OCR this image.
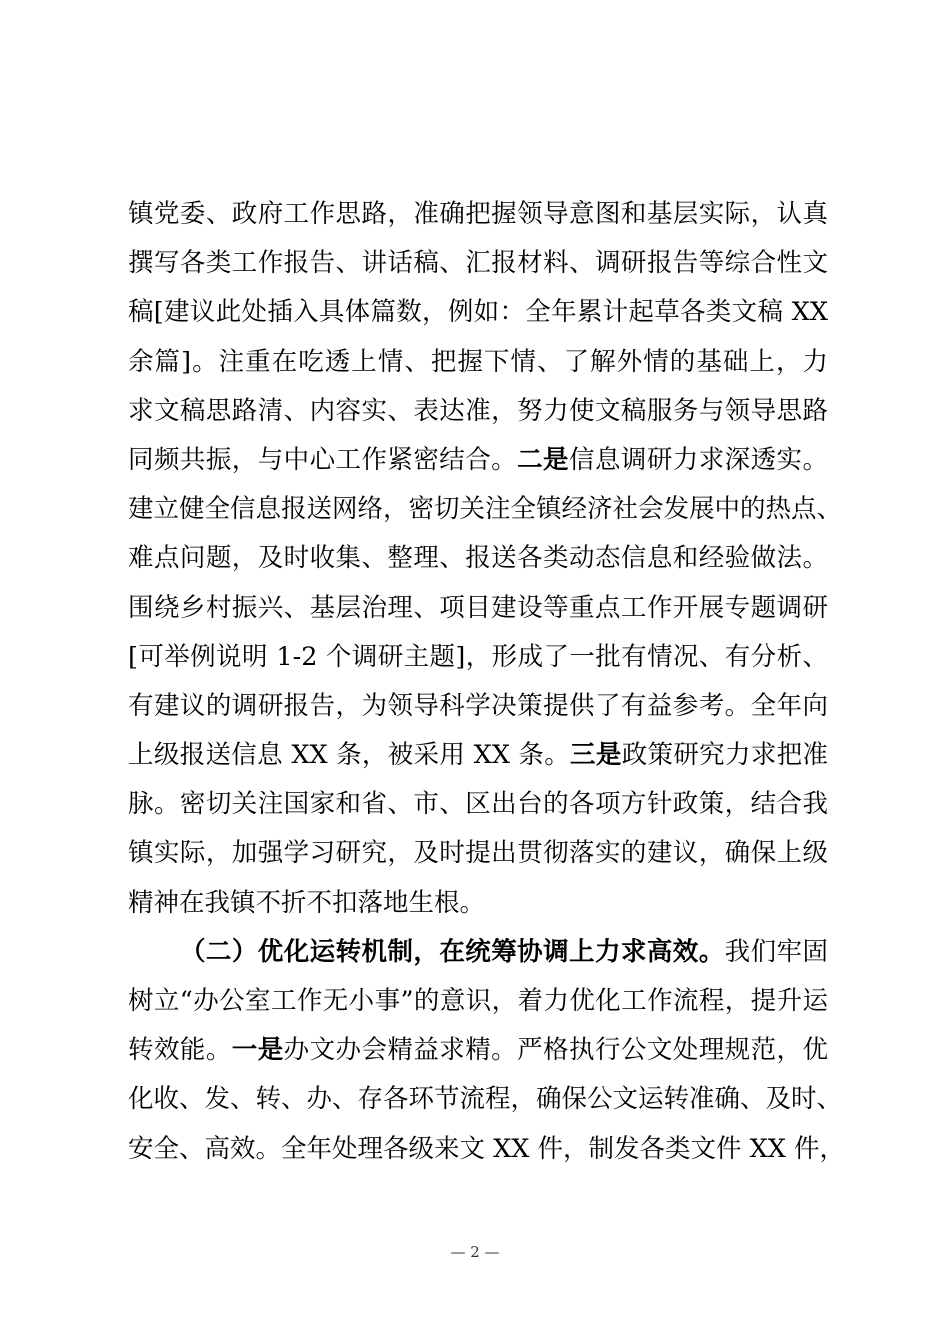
镇党委、政府工作思路，准确把握领导意图和基层实际，认真
撰写各类工作报告、讲话稿、汇报材料、调研报告等综合性文
稿[建议此处插入具体篇数，例如：全年累计起草各类文稿 XX
余篇]。注重在吃透上情、把握下情、了解外情的基础上，力
求文稿思路清、内容实、表达准，努力使文稿服务与领导思路
同频共振，与中心工作紧密结合。二是信息调研力求深透实。
建立健全信息报送网络，密切关注全镇经济社会发展中的热点、
难点问题，及时收集、整理、报送各类动态信息和经验做法。
围绕乡村振兴、基层治理、项目建设等重点工作开展专题调研
[可举例说明 1-2 个调研主题]，形成了一批有情况、有分析、
有建议的调研报告，为领导科学决策提供了有益参考。全年向
上级报送信息 XX 条，被采用 XX 条。三是政策研究力求把准
脉。密切关注国家和省、市、区出台的各项方针政策，结合我
镇实际，加强学习研究，及时提出贯彻落实的建议，确保上级
精神在我镇不折不扣落地生根。
（二）优化运转机制，在统筹协调上力求高效。我们牢固
树立“办公室工作无小事”的意识，着力优化工作流程，提升运
转效能。一是办文办会精益求精。严格执行公文处理规范，优
化收、发、转、办、存各环节流程，确保公文运转准确、及时、
安全、高效。全年处理各级来文 XX 件，制发各类文件 XX 件，
— 2 —
